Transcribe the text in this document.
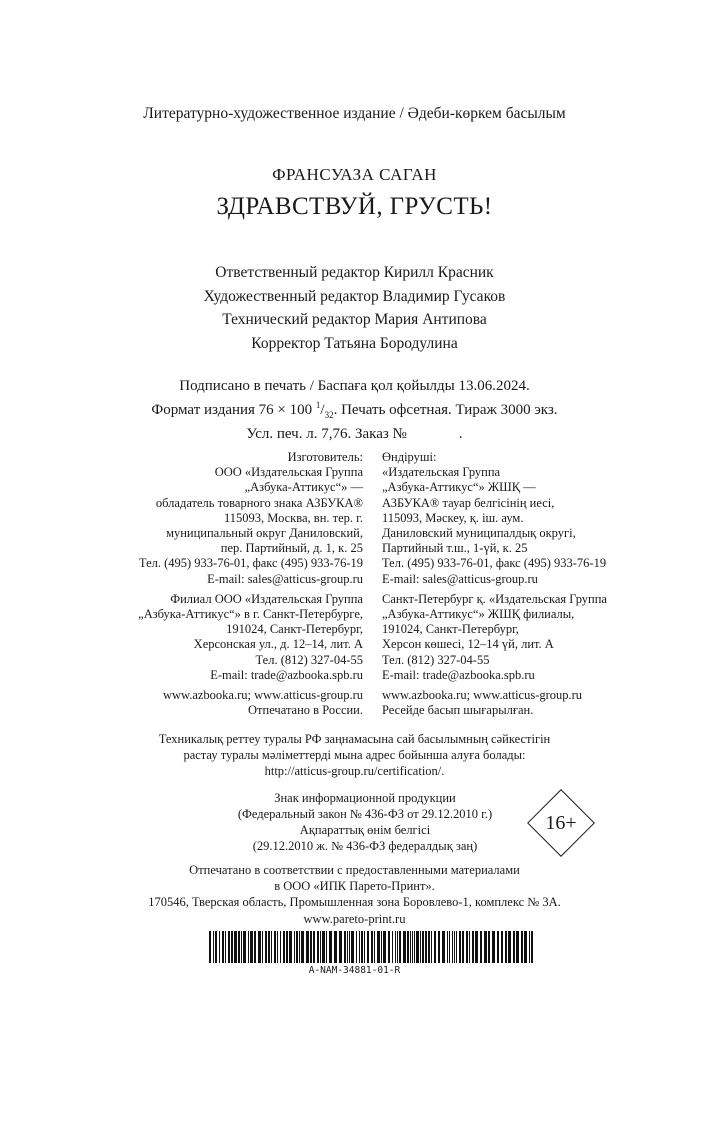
Литературно-художественное издание / Әдеби-көркем басылым
ФРАНСУАЗА САГАН
ЗДРАВСТВУЙ, ГРУСТЬ!
Ответственный редактор Кирилл Красник
Художественный редактор Владимир Гусаков
Технический редактор Мария Антипова
Корректор Татьяна Бородулина
Подписано в печать / Баспаға қол қойылды 13.06.2024.
Формат издания 76 × 100 $^1/_{32}$. Печать офсетная. Тираж 3000 экз.
Усл. печ. л. 7,76. Заказ №	.
Изготовитель:
ООО «Издательская Группа
„Азбука-Аттикус“» —
обладатель товарного знака АЗБУКА®
115093, Москва, вн. тер. г.
муниципальный округ Даниловский,
пер. Партийный, д. 1, к. 25
Тел. (495) 933-76-01, факс (495) 933-76-19
E-mail: sales@atticus-group.ru
Филиал ООО «Издательская Группа
„Азбука-Аттикус“» в г. Санкт-Петербурге,
191024, Санкт-Петербург,
Херсонская ул., д. 12–14, лит. А
Тел. (812) 327-04-55
E-mail: trade@azbooka.spb.ru
www.azbooka.ru; www.atticus-group.ru
Отпечатано в России.
Өндіруші:
«Издательская Группа
„Азбука-Аттикус“» ЖШҚ —
АЗБУКА® тауар белгісінің иесі,
115093, Мәскеу, қ. іш. аум.
Даниловский муниципалдық округі,
Партийный т.ш., 1-үй, к. 25
Тел. (495) 933-76-01, факс (495) 933-76-19
E-mail: sales@atticus-group.ru
Санкт-Петербург қ. «Издательская Группа
„Азбука-Аттикус“» ЖШҚ филиалы,
191024, Санкт-Петербург,
Херсон көшесі, 12–14 үй, лит. А
Тел. (812) 327-04-55
E-mail: trade@azbooka.spb.ru
www.azbooka.ru; www.atticus-group.ru
Ресейде басып шығарылған.
Техникалық реттеу туралы РФ заңнамасына сай басылымның сәйкестігін
растау туралы мәліметтерді мына адрес бойынша алуға болады:
http://atticus-group.ru/certification/.
Знак информационной продукции
(Федеральный закон № 436-ФЗ от 29.12.2010 г.)
Ақпараттық өнім белгісі
(29.12.2010 ж. № 436-ФЗ федералдық заң)
16+
Отпечатано в соответствии с предоставленными материалами
в ООО «ИПК Парето-Принт».
170546, Тверская область, Промышленная зона Боровлево-1, комплекс № 3А.
www.pareto-print.ru
A-NAM-34881-01-R
